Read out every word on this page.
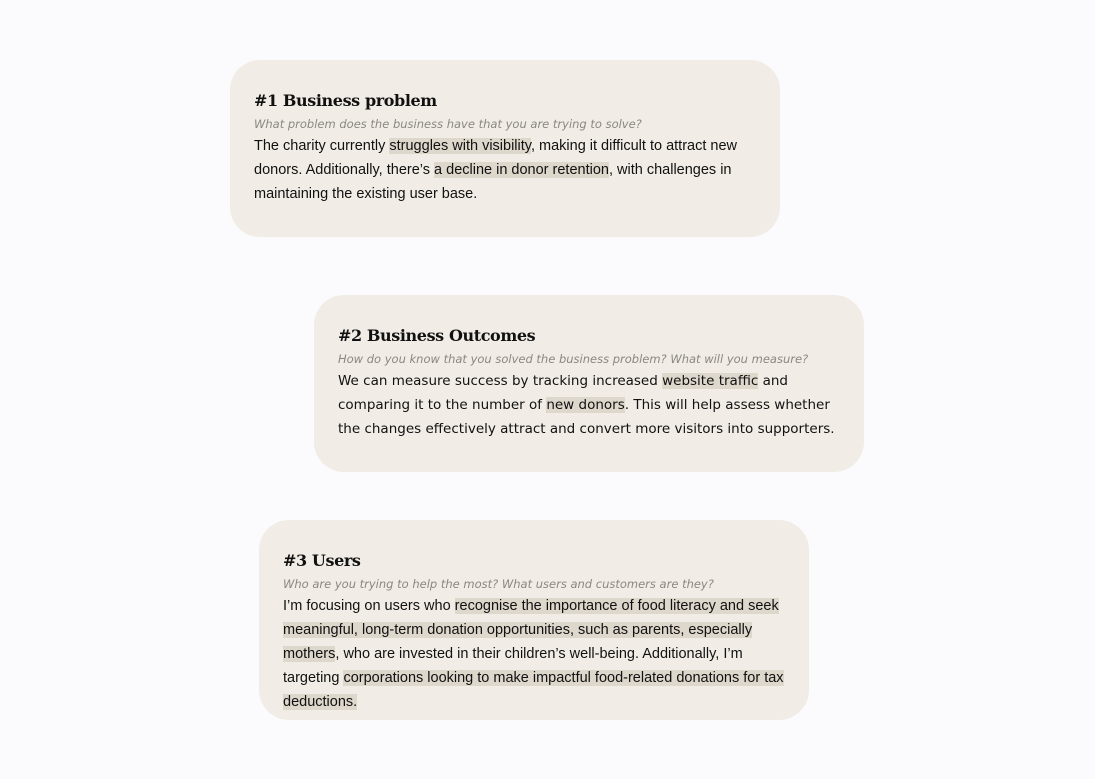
#1 Business problem
What problem does the business have that you are trying to solve?
The charity currently struggles with visibility, making it difficult to attract new donors. Additionally, there’s a decline in donor retention, with challenges in maintaining the existing user base.
#2 Business Outcomes
How do you know that you solved the business problem? What will you measure?
We can measure success by tracking increased website traffic and comparing it to the number of new donors. This will help assess whether the changes effectively attract and convert more visitors into supporters.
#3 Users
Who are you trying to help the most? What users and customers are they?
I’m focusing on users who recognise the importance of food literacy and seek meaningful, long-term donation opportunities, such as parents, especially mothers, who are invested in their children’s well-being. Additionally, I’m targeting corporations looking to make impactful food-related donations for tax deductions.
